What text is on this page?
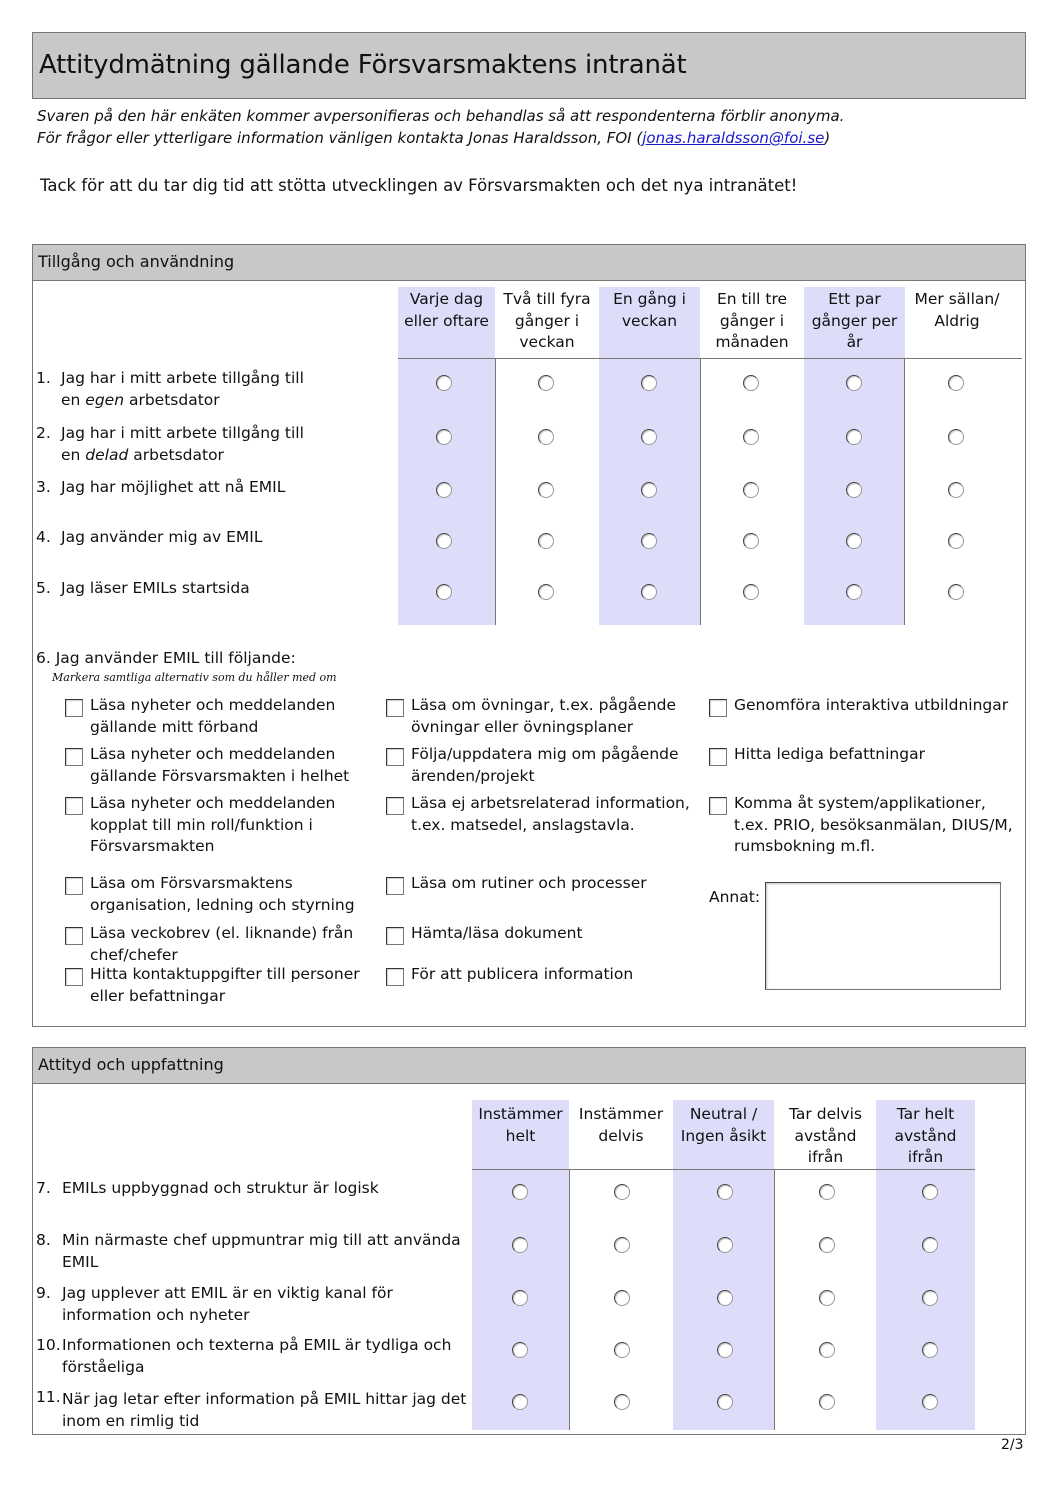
Attitydmätning gällande Försvarsmaktens intranät
Svaren på den här enkäten kommer avpersonifieras och behandlas så att respondenterna förblir anonyma.
För frågor eller ytterligare information vänligen kontakta Jonas Haraldsson, FOI (jonas.haraldsson@foi.se)
Tack för att du tar dig tid att stötta utvecklingen av Försvarsmakten och det nya intranätet!
Tillgång och användning
Varje dag
eller oftare
Två till fyra
gånger i
veckan
En gång i
veckan
En till tre
gånger i
månaden
Ett par
gånger per
år
Mer sällan/
Aldrig
1. Jag har i mitt arbete tillgång till
en egen arbetsdator
2. Jag har i mitt arbete tillgång till
en delad arbetsdator
3. Jag har möjlighet att nå EMIL
4. Jag använder mig av EMIL
5. Jag läser EMILs startsida
6. Jag använder EMIL till följande:
Markera samtliga alternativ som du håller med om
Läsa nyheter och meddelanden
gällande mitt förband
Läsa nyheter och meddelanden
gällande Försvarsmakten i helhet
Läsa nyheter och meddelanden
kopplat till min roll/funktion i
Försvarsmakten
Läsa om Försvarsmaktens
organisation, ledning och styrning
Läsa veckobrev (el. liknande) från
chef/chefer
Hitta kontaktuppgifter till personer
eller befattningar
Läsa om övningar, t.ex. pågående
övningar eller övningsplaner
Följa/uppdatera mig om pågående
ärenden/projekt
Läsa ej arbetsrelaterad information,
t.ex. matsedel, anslagstavla.
Läsa om rutiner och processer
Hämta/läsa dokument
För att publicera information
Genomföra interaktiva utbildningar
Hitta lediga befattningar
Komma åt system/applikationer,
t.ex. PRIO, besöksanmälan, DIUS/M,
rumsbokning m.fl.
Annat:
Attityd och uppfattning
Instämmer
helt
Instämmer
delvis
Neutral /
Ingen åsikt
Tar delvis
avstånd
ifrån
Tar helt
avstånd
ifrån
7. EMILs uppbyggnad och struktur är logisk
8. Min närmaste chef uppmuntrar mig till att använda
EMIL
9. Jag upplever att EMIL är en viktig kanal för
information och nyheter
10. Informationen och texterna på EMIL är tydliga och
förståeliga
11. När jag letar efter information på EMIL hittar jag det
inom en rimlig tid
2/3
